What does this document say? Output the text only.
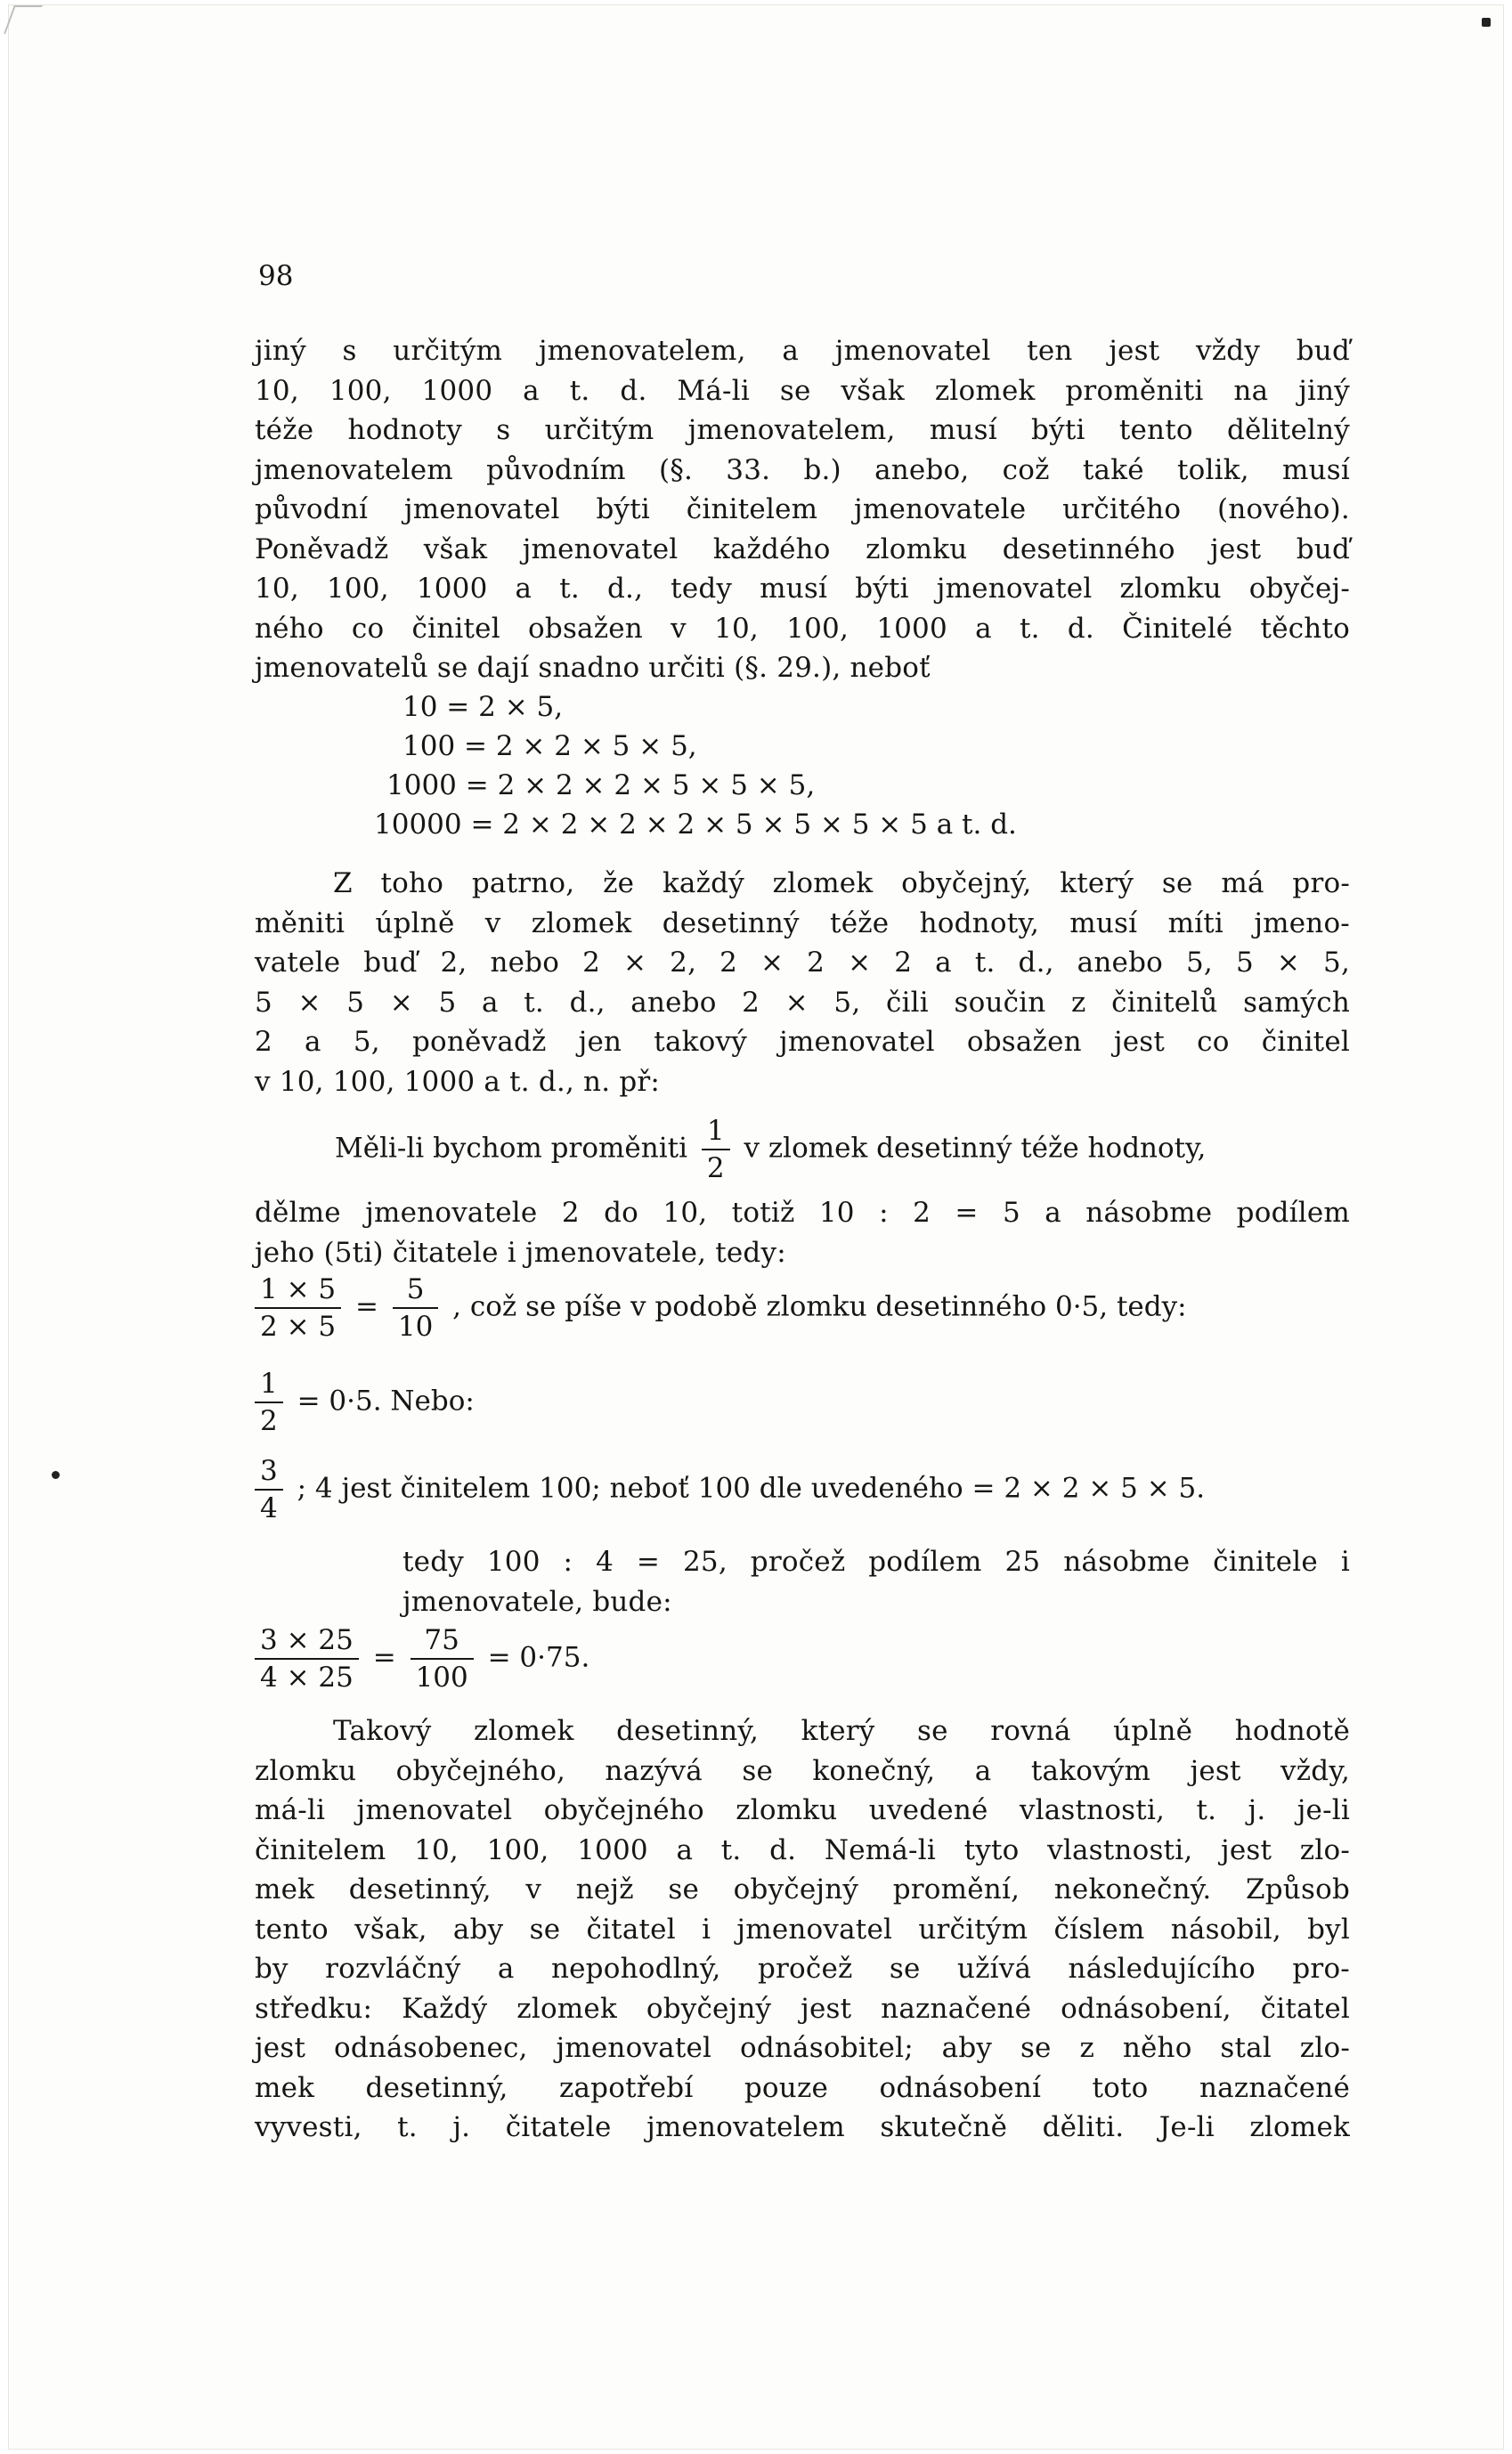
98
jiný s určitým jmenovatelem, a jmenovatel ten jest vždy buď
10, 100, 1000 a t. d. Má-li se však zlomek proměniti na jiný
téže hodnoty s určitým jmenovatelem, musí býti tento dělitelný
jmenovatelem původním (§. 33. b.) anebo, což také tolik, musí
původní jmenovatel býti činitelem jmenovatele určitého (nového).
Poněvadž však jmenovatel každého zlomku desetinného jest buď
10, 100, 1000 a t. d., tedy musí býti jmenovatel zlomku obyčej-
ného co činitel obsažen v 10, 100, 1000 a t. d. Činitelé těchto
jmenovatelů se dají snadno určiti (§. 29.), neboť
10 = 2 × 5,
100 = 2 × 2 × 5 × 5,
1000 = 2 × 2 × 2 × 5 × 5 × 5,
10000 = 2 × 2 × 2 × 2 × 5 × 5 × 5 × 5 a t. d.
Z toho patrno, že každý zlomek obyčejný, který se má pro-
měniti úplně v zlomek desetinný téže hodnoty, musí míti jmeno-
vatele buď 2, nebo 2 × 2, 2 × 2 × 2 a t. d., anebo 5, 5 × 5,
5 × 5 × 5 a t. d., anebo 2 × 5, čili součin z činitelů samých
2 a 5, poněvadž jen takový jmenovatel obsažen jest co činitel
v 10, 100, 1000 a t. d., n. př:
Měli-li bychom proměniti $\frac{1}{2}$ v zlomek desetinný téže hodnoty,
dělme jmenovatele 2 do 10, totiž 10 : 2 = 5 a násobme podílem
jeho (5ti) čitatele i jmenovatele, tedy:
$\frac{1 \times 5}{2 \times 5} = \frac{5}{10}$ , což se píše v podobě zlomku desetinného 0·5, tedy:
$\frac{1}{2} = 0\cdot 5$. Nebo:
$\frac{3}{4}$ ; 4 jest činitelem 100; neboť 100 dle uvedeného = 2 × 2 × 5 × 5.
tedy 100 : 4 = 25, pročež podílem 25 násobme činitele i
jmenovatele, bude:
$\frac{3 \times 25}{4 \times 25} = \frac{75}{100} = 0\cdot 75$.
Takový zlomek desetinný, který se rovná úplně hodnotě
zlomku obyčejného, nazývá se konečný, a takovým jest vždy,
má-li jmenovatel obyčejného zlomku uvedené vlastnosti, t. j. je-li
činitelem 10, 100, 1000 a t. d. Nemá-li tyto vlastnosti, jest zlo-
mek desetinný, v nejž se obyčejný promění, nekonečný. Způsob
tento však, aby se čitatel i jmenovatel určitým číslem násobil, byl
by rozvláčný a nepohodlný, pročež se užívá následujícího pro-
středku: Každý zlomek obyčejný jest naznačené odnásobení, čitatel
jest odnásobenec, jmenovatel odnásobitel; aby se z něho stal zlo-
mek desetinný, zapotřebí pouze odnásobení toto naznačené
vyvesti, t. j. čitatele jmenovatelem skutečně děliti. Je-li zlomek
